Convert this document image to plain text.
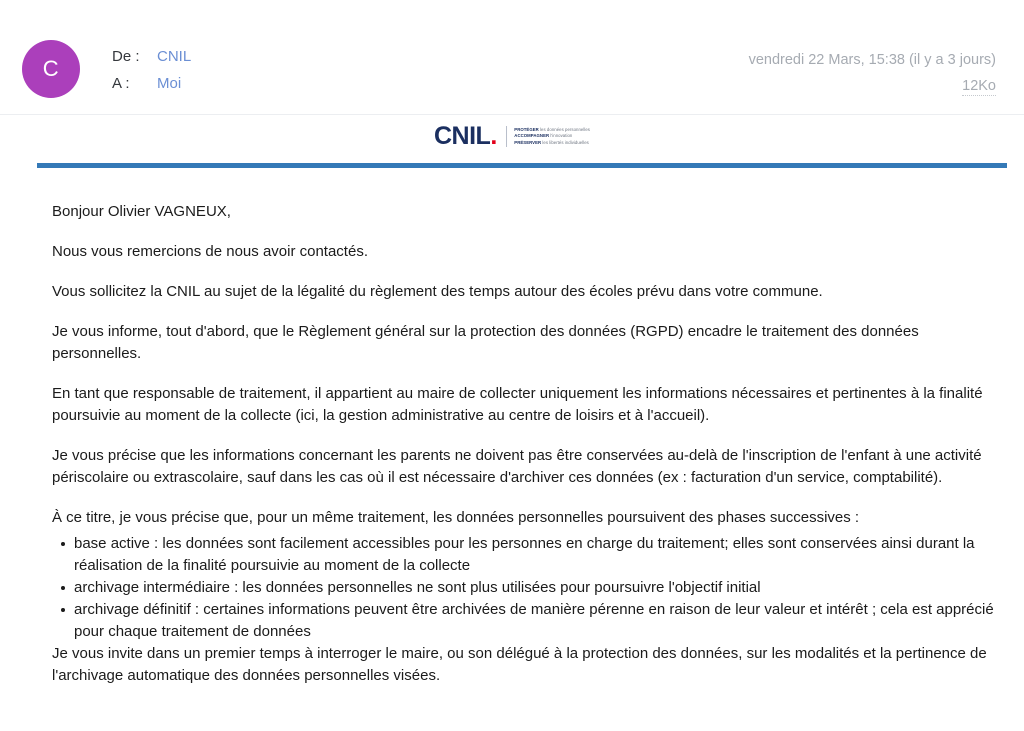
C	De :	CNIL
A :	Moi
vendredi 22 Mars, 15:38 (il y a 3 jours)
12Ko
CNIL .	PROTÉGER les données personnelles
ACCOMPAGNER l'innovation
PRÉSERVER les libertés individuelles

Bonjour Olivier VAGNEUX,

Nous vous remercions de nous avoir contactés.

Vous sollicitez la CNIL au sujet de la légalité du règlement des temps autour des écoles prévu dans votre commune.

Je vous informe, tout d'abord, que le Règlement général sur la protection des données (RGPD) encadre le traitement des données personnelles.

En tant que responsable de traitement, il appartient au maire de collecter uniquement les informations nécessaires et pertinentes à la finalité poursuivie au moment de la collecte (ici, la gestion administrative au centre de loisirs et à l'accueil).

Je vous précise que les informations concernant les parents ne doivent pas être conservées au-delà de l'inscription de l'enfant à une activité périscolaire ou extrascolaire, sauf dans les cas où il est nécessaire d'archiver ces données (ex : facturation d'un service, comptabilité).

À ce titre, je vous précise que, pour un même traitement, les données personnelles poursuivent des phases successives :

base active : les données sont facilement accessibles pour les personnes en charge du traitement; elles sont conservées ainsi durant la réalisation de la finalité poursuivie au moment de la collecte
archivage intermédiaire : les données personnelles ne sont plus utilisées pour poursuivre l'objectif initial
archivage définitif : certaines informations peuvent être archivées de manière pérenne en raison de leur valeur et intérêt ; cela est apprécié pour chaque traitement de données

Je vous invite dans un premier temps à interroger le maire, ou son délégué à la protection des données, sur les modalités et la pertinence de l'archivage automatique des données personnelles visées.
